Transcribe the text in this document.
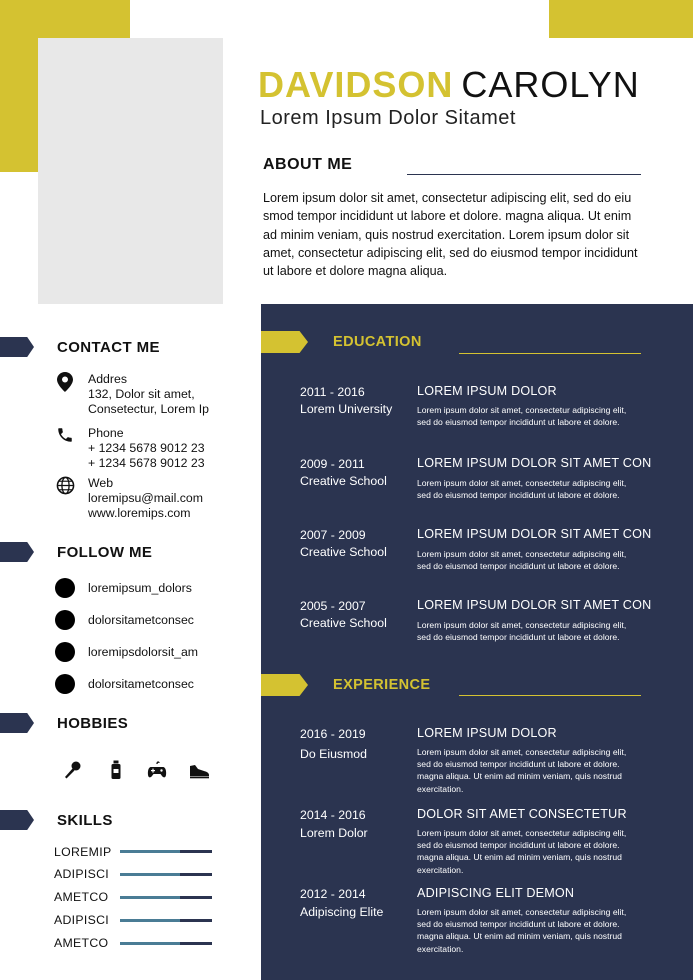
DAVIDSON CAROLYN
Lorem Ipsum Dolor Sitamet
ABOUT ME
Lorem ipsum dolor sit amet, consectetur adipiscing elit, sed do eiu smod tempor incididunt ut labore et dolore. magna aliqua. Ut enim ad minim veniam, quis nostrud exercitation. Lorem ipsum dolor sit amet, consectetur adipiscing elit, sed do eiusmod tempor incididunt ut labore et dolore magna aliqua.
CONTACT ME
Addres
132, Dolor sit amet,
Consetectur, Lorem Ip
Phone
+ 1234 5678 9012 23
+ 1234 5678 9012 23
Web
loremipsu@mail.com
www.loremips.com
FOLLOW ME
loremipsum_dolors
dolorsitametconsec
loremipsdolorsit_am
dolorsitametconsec
HOBBIES
SKILLS
LOREMIP
ADIPISCI
AMETCO
ADIPISCI
AMETCO
EDUCATION
2011 - 2016
Lorem University
LOREM IPSUM DOLOR
Lorem ipsum dolor sit amet, consectetur adipiscing elit, sed do eiusmod tempor incididunt ut labore et dolore.
2009 - 2011
Creative School
LOREM IPSUM DOLOR SIT AMET CON
Lorem ipsum dolor sit amet, consectetur adipiscing elit, sed do eiusmod tempor incididunt ut labore et dolore.
2007 - 2009
Creative School
LOREM IPSUM DOLOR SIT AMET CON
Lorem ipsum dolor sit amet, consectetur adipiscing elit, sed do eiusmod tempor incididunt ut labore et dolore.
2005 - 2007
Creative School
LOREM IPSUM DOLOR SIT AMET CON
Lorem ipsum dolor sit amet, consectetur adipiscing elit, sed do eiusmod tempor incididunt ut labore et dolore.
EXPERIENCE
2016 - 2019
Do Eiusmod
LOREM IPSUM DOLOR
Lorem ipsum dolor sit amet, consectetur adipiscing elit, sed do eiusmod tempor incididunt ut labore et dolore. magna aliqua. Ut enim ad minim veniam, quis nostrud exercitation.
2014 - 2016
Lorem Dolor
DOLOR SIT AMET CONSECTETUR
Lorem ipsum dolor sit amet, consectetur adipiscing elit, sed do eiusmod tempor incididunt ut labore et dolore. magna aliqua. Ut enim ad minim veniam, quis nostrud exercitation.
2012 - 2014
Adipiscing Elite
ADIPISCING ELIT DEMON
Lorem ipsum dolor sit amet, consectetur adipiscing elit, sed do eiusmod tempor incididunt ut labore et dolore. magna aliqua. Ut enim ad minim veniam, quis nostrud exercitation.
